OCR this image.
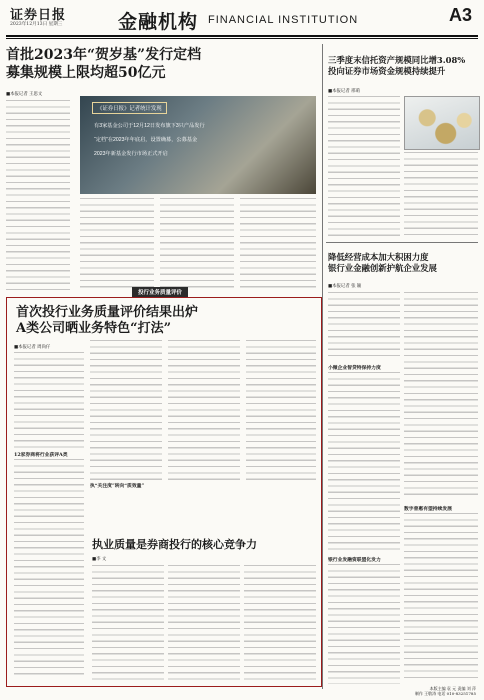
证券日报
2023年12月13日 星期三	金融机构 FINANCIAL INSTITUTION	A3
首批2023年“贺岁基”发行定档
募集规模上限均超50亿元
■本报记者 王思文
《证券日报》记者统计发现
有3家基金公司于12月12日发布旗下3只产品发行
“定档”在2023年年底启，设置确募，公募基金
2023年新基金发行市场正式开启
三季度末信托资产规模同比增3.08%
投向证券市场资金规模持续提升
■本报记者 邢萌
降低经营成本加大积困力度
银行业金融创新护航企业发展
■本报记者 张 颖
小微企业智贷特保持力度
银行业发融资联盟化发力
数字普惠有望持续发展
投行业务质量评价
首次投行业务质量评价结果出炉
A类公司晒业务特色“打法”
■本报记者 周尚仔
12家券商将行业获评A类
执“关注度”转向“质效量”
执业质量是券商投行的核心竞争力
■李 文
本版主编 袁 元 责编 刘 萍
制作 王敬涛 电话 010-83251785
